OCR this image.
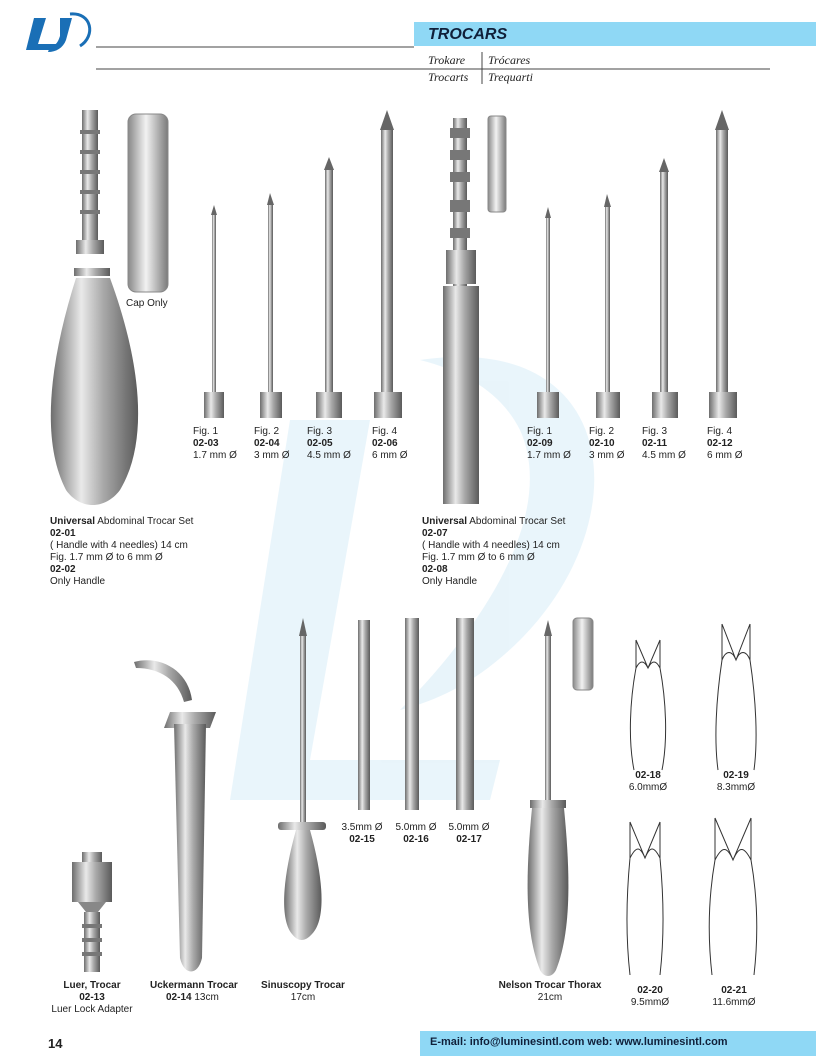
TROCARS
Trokare Trócares
Trocarts Trequarti
Cap Only
Fig. 1
02-03
1.7 mm Ø
Fig. 2
02-04
3 mm Ø
Fig. 3
02-05
4.5 mm Ø
Fig. 4
02-06
6 mm Ø
Universal Abdominal Trocar Set
02-01
( Handle with 4 needles) 14 cm
Fig. 1.7 mm Ø to 6 mm Ø
02-02
Only Handle
Fig. 1
02-09
1.7 mm Ø
Fig. 2
02-10
3 mm Ø
Fig. 3
02-11
4.5 mm Ø
Fig. 4
02-12
6 mm Ø
Universal Abdominal Trocar Set
02-07
( Handle with 4 needles) 14 cm
Fig. 1.7 mm Ø to 6 mm Ø
02-08
Only Handle
Luer, Trocar
02-13
Luer Lock Adapter
Uckermann Trocar
02-14 13cm
Sinuscopy Trocar
17cm
3.5mm Ø
02-15
5.0mm Ø
02-16
5.0mm Ø
02-17
Nelson Trocar Thorax
21cm
02-18
6.0mmØ
02-19
8.3mmØ
02-20
9.5mmØ
02-21
11.6mmØ
14	E-mail: info@luminesintl.com web: www.luminesintl.com
